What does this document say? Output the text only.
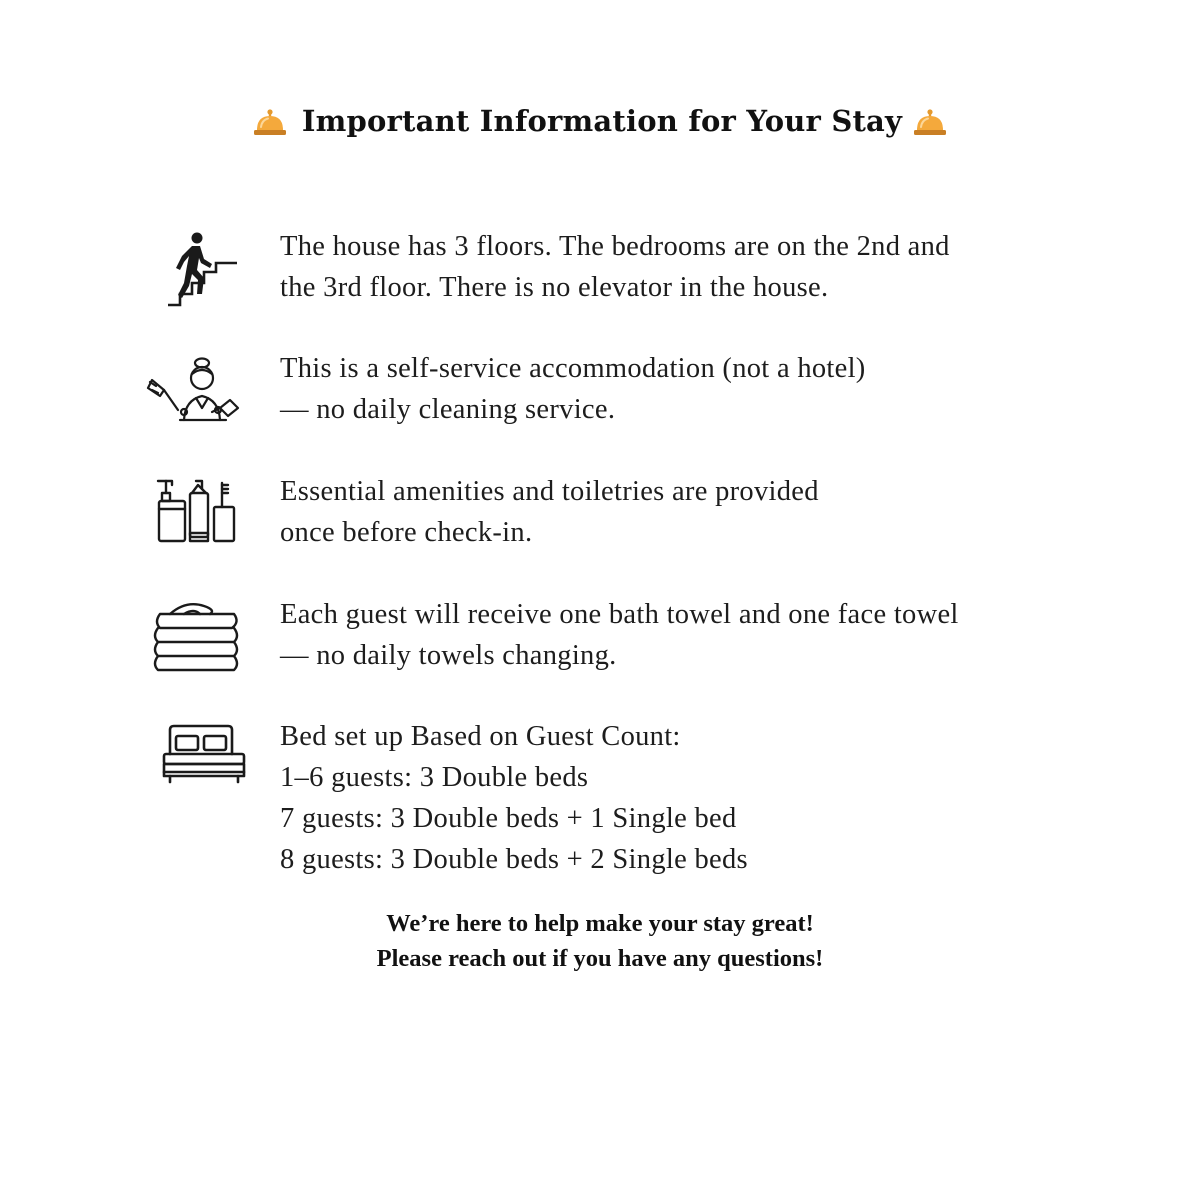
Important Information for Your Stay
The house has 3 floors. The bedrooms are on the 2nd and
the 3rd floor. There is no elevator in the house.
This is a self-service accommodation (not a hotel)
— no daily cleaning service.
Essential amenities and toiletries are provided
once before check-in.
Each guest will receive one bath towel and one face towel
— no daily towels changing.
Bed set up Based on Guest Count:
1–6 guests: 3 Double beds
7 guests: 3 Double beds + 1 Single bed
8 guests: 3 Double beds + 2 Single beds
We’re here to help make your stay great!
Please reach out if you have any questions!
